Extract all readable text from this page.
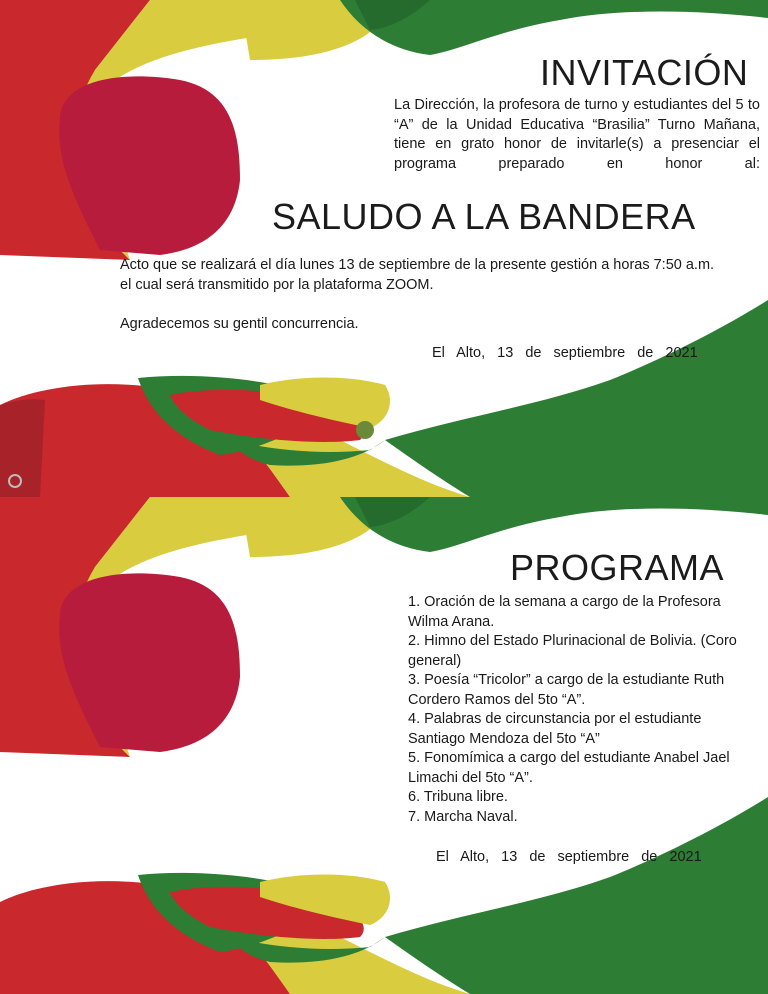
INVITACIÓN

La Dirección, la profesora de turno y estudiantes del 5 to “A” de la Unidad Educativa “Brasilia” Turno Mañana, tiene en grato honor de invitarle(s) a presenciar el programa preparado en honor al:

SALUDO A LA BANDERA

Acto que se realizará el día lunes 13 de septiembre de la presente gestión a horas 7:50 a.m. el cual será transmitido por la plataforma ZOOM.

Agradecemos su gentil concurrencia.

El Alto, 13 de septiembre de 2021

PROGRAMA
1. Oración de la semana a cargo de la Profesora Wilma Arana.
2. Himno del Estado Plurinacional de Bolivia. (Coro general)
3. Poesía “Tricolor” a cargo de la estudiante Ruth Cordero Ramos del 5to “A”.
4. Palabras de circunstancia por el estudiante Santiago Mendoza del 5to “A”
5. Fonomímica a cargo del estudiante Anabel Jael Limachi del 5to “A”.
6. Tribuna libre.
7. Marcha Naval.

El Alto, 13 de septiembre de 2021
